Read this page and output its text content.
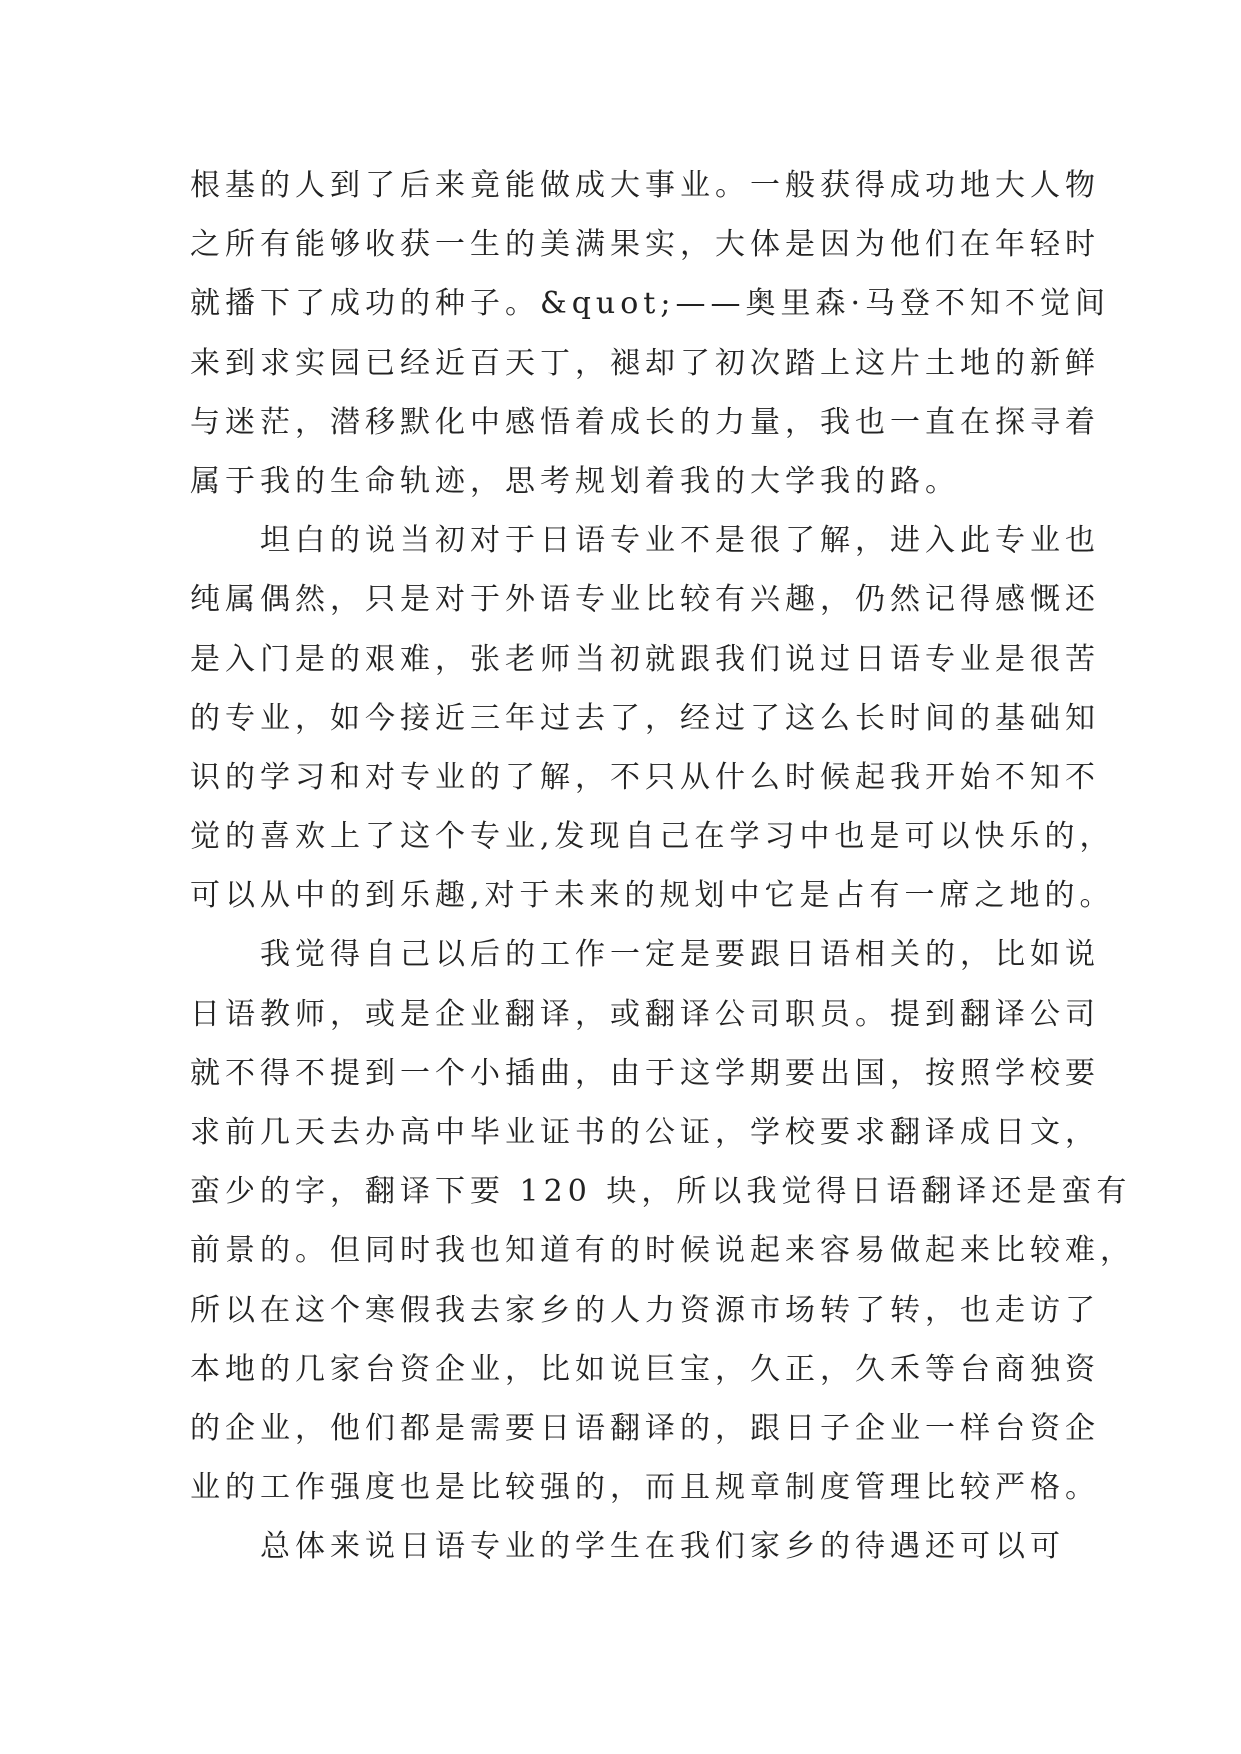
根基的人到了后来竟能做成大事业。一般获得成功地大人物
之所有能够收获一生的美满果实，大体是因为他们在年轻时
就播下了成功的种子。&quot;——奥里森·马登不知不觉间
来到求实园已经近百天丁，褪却了初次踏上这片土地的新鲜
与迷茫，潜移默化中感悟着成长的力量，我也一直在探寻着
属于我的生命轨迹，思考规划着我的大学我的路。
　　坦白的说当初对于日语专业不是很了解，进入此专业也
纯属偶然，只是对于外语专业比较有兴趣，仍然记得感慨还
是入门是的艰难，张老师当初就跟我们说过日语专业是很苦
的专业，如今接近三年过去了，经过了这么长时间的基础知
识的学习和对专业的了解，不只从什么时候起我开始不知不
觉的喜欢上了这个专业,发现自己在学习中也是可以快乐的，
可以从中的到乐趣,对于未来的规划中它是占有一席之地的。
　　我觉得自己以后的工作一定是要跟日语相关的，比如说
日语教师，或是企业翻译，或翻译公司职员。提到翻译公司
就不得不提到一个小插曲，由于这学期要出国，按照学校要
求前几天去办高中毕业证书的公证，学校要求翻译成日文，
蛮少的字，翻译下要 120 块，所以我觉得日语翻译还是蛮有
前景的。但同时我也知道有的时候说起来容易做起来比较难，
所以在这个寒假我去家乡的人力资源市场转了转，也走访了
本地的几家台资企业，比如说巨宝，久正，久禾等台商独资
的企业，他们都是需要日语翻译的，跟日子企业一样台资企
业的工作强度也是比较强的，而且规章制度管理比较严格。
　　总体来说日语专业的学生在我们家乡的待遇还可以可
